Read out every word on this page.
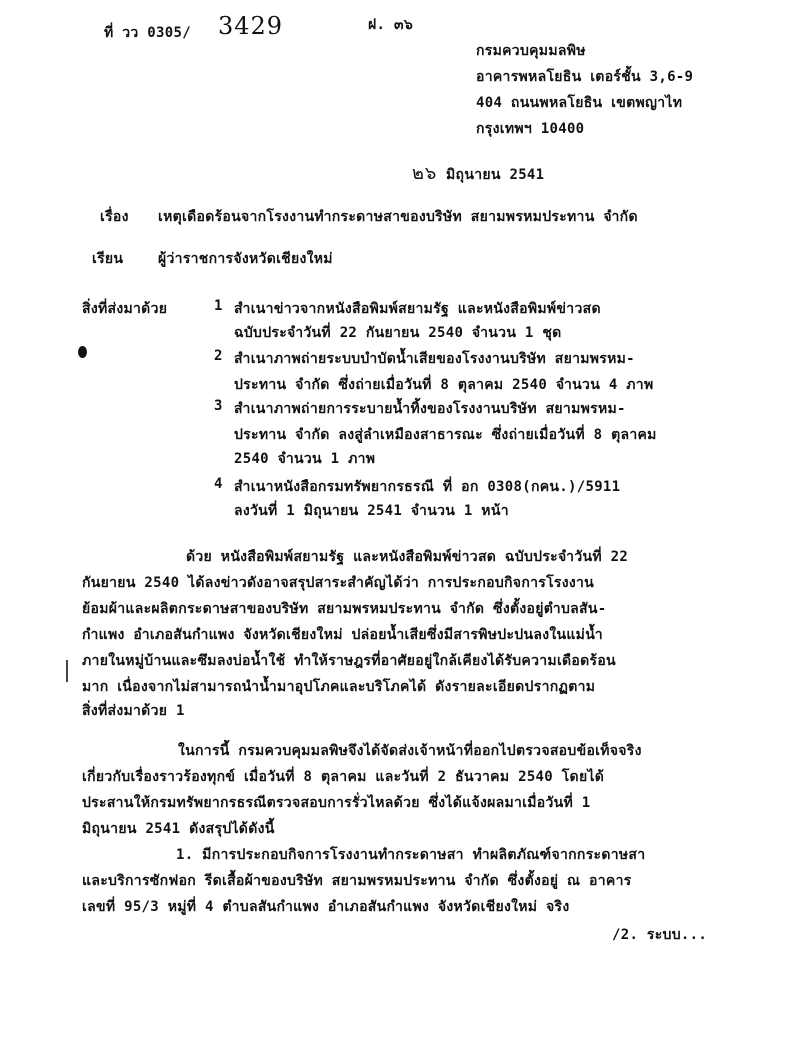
ที่ วว 0305/ 3429	ฝ. ๓๖
กรมควบคุมมลพิษ
อาคารพหลโยธิน เตอร์ชั้น 3,6-9
404 ถนนพหลโยธิน เขตพญาไท
กรุงเทพฯ 10400
๒๖ มิถุนายน 2541
เรื่อง เหตุเดือดร้อนจากโรงงานทำกระดาษสาของบริษัท สยามพรหมประทาน จำกัด
เรียน ผู้ว่าราชการจังหวัดเชียงใหม่
สิ่งที่ส่งมาด้วย	1 สำเนาข่าวจากหนังสือพิมพ์สยามรัฐ และหนังสือพิมพ์ข่าวสด
ฉบับประจำวันที่ 22 กันยายน 2540 จำนวน 1 ชุด
2 สำเนาภาพถ่ายระบบบำบัดน้ำเสียของโรงงานบริษัท สยามพรหม-
ประทาน จำกัด ซึ่งถ่ายเมื่อวันที่ 8 ตุลาคม 2540 จำนวน 4 ภาพ
3 สำเนาภาพถ่ายการระบายน้ำทิ้งของโรงงานบริษัท สยามพรหม-
ประทาน จำกัด ลงสู่ลำเหมืองสาธารณะ ซึ่งถ่ายเมื่อวันที่ 8 ตุลาคม
2540 จำนวน 1 ภาพ
4 สำเนาหนังสือกรมทรัพยากรธรณี ที่ อก 0308(กคน.)/5911
ลงวันที่ 1 มิถุนายน 2541 จำนวน 1 หน้า
ด้วย หนังสือพิมพ์สยามรัฐ และหนังสือพิมพ์ข่าวสด ฉบับประจำวันที่ 22
กันยายน 2540 ได้ลงข่าวดังอาจสรุปสาระสำคัญได้ว่า การประกอบกิจการโรงงาน
ย้อมผ้าและผลิตกระดาษสาของบริษัท สยามพรหมประทาน จำกัด ซึ่งตั้งอยู่ตำบลสัน-
กำแพง อำเภอสันกำแพง จังหวัดเชียงใหม่ ปล่อยน้ำเสียซึ่งมีสารพิษปะปนลงในแม่น้ำ
ภายในหมู่บ้านและซึมลงบ่อน้ำใช้ ทำให้ราษฎรที่อาศัยอยู่ใกล้เคียงได้รับความเดือดร้อน
มาก เนื่องจากไม่สามารถนำน้ำมาอุปโภคและบริโภคได้ ดังรายละเอียดปรากฏตาม
สิ่งที่ส่งมาด้วย 1
ในการนี้ กรมควบคุมมลพิษจึงได้จัดส่งเจ้าหน้าที่ออกไปตรวจสอบข้อเท็จจริง
เกี่ยวกับเรื่องราวร้องทุกข์ เมื่อวันที่ 8 ตุลาคม และวันที่ 2 ธันวาคม 2540 โดยได้
ประสานให้กรมทรัพยากรธรณีตรวจสอบการรั่วไหลด้วย ซึ่งได้แจ้งผลมาเมื่อวันที่ 1
มิถุนายน 2541 ดังสรุปได้ดังนี้
1. มีการประกอบกิจการโรงงานทำกระดาษสา ทำผลิตภัณฑ์จากกระดาษสา
และบริการซักฟอก รีดเสื้อผ้าของบริษัท สยามพรหมประทาน จำกัด ซึ่งตั้งอยู่ ณ อาคาร
เลขที่ 95/3 หมู่ที่ 4 ตำบลสันกำแพง อำเภอสันกำแพง จังหวัดเชียงใหม่ จริง
/2. ระบบ...
